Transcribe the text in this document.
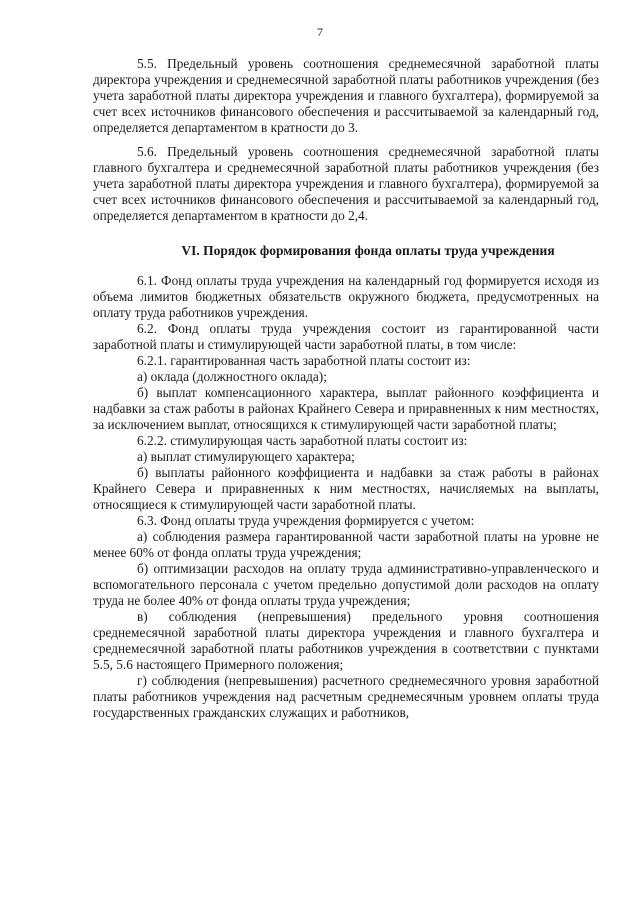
7

5.5. Предельный уровень соотношения среднемесячной заработной платы директора учреждения и среднемесячной заработной платы работников учреждения (без учета заработной платы директора учреждения и главного бухгалтера), формируемой за счет всех источников финансового обеспечения и рассчитываемой за календарный год, определяется департаментом в кратности до 3.

5.6. Предельный уровень соотношения среднемесячной заработной платы главного бухгалтера и среднемесячной заработной платы работников учреждения (без учета заработной платы директора учреждения и главного бухгалтера), формируемой за счет всех источников финансового обеспечения и рассчитываемой за календарный год, определяется департаментом в кратности до 2,4.

VI. Порядок формирования фонда оплаты труда учреждения

6.1. Фонд оплаты труда учреждения на календарный год формируется исходя из объема лимитов бюджетных обязательств окружного бюджета, предусмотренных на оплату труда работников учреждения.

6.2. Фонд оплаты труда учреждения состоит из гарантированной части заработной платы и стимулирующей части заработной платы, в том числе:

6.2.1. гарантированная часть заработной платы состоит из:

а) оклада (должностного оклада);

б) выплат компенсационного характера, выплат районного коэффициента и надбавки за стаж работы в районах Крайнего Севера и приравненных к ним местностях, за исключением выплат, относящихся к стимулирующей части заработной платы;

6.2.2. стимулирующая часть заработной платы состоит из:

а) выплат стимулирующего характера;

б) выплаты районного коэффициента и надбавки за стаж работы в районах Крайнего Севера и приравненных к ним местностях, начисляемых на выплаты, относящиеся к стимулирующей части заработной платы.

6.3. Фонд оплаты труда учреждения формируется с учетом:

а) соблюдения размера гарантированной части заработной платы на уровне не менее 60% от фонда оплаты труда учреждения;

б) оптимизации расходов на оплату труда административно-управленческого и вспомогательного персонала с учетом предельно допустимой доли расходов на оплату труда не более 40% от фонда оплаты труда учреждения;

в) соблюдения (непревышения) предельного уровня соотношения среднемесячной заработной платы директора учреждения и главного бухгалтера и среднемесячной заработной платы работников учреждения в соответствии с пунктами 5.5, 5.6 настоящего Примерного положения;

г) соблюдения (непревышения) расчетного среднемесячного уровня заработной платы работников учреждения над расчетным среднемесячным уровнем оплаты труда государственных гражданских служащих и работников,
